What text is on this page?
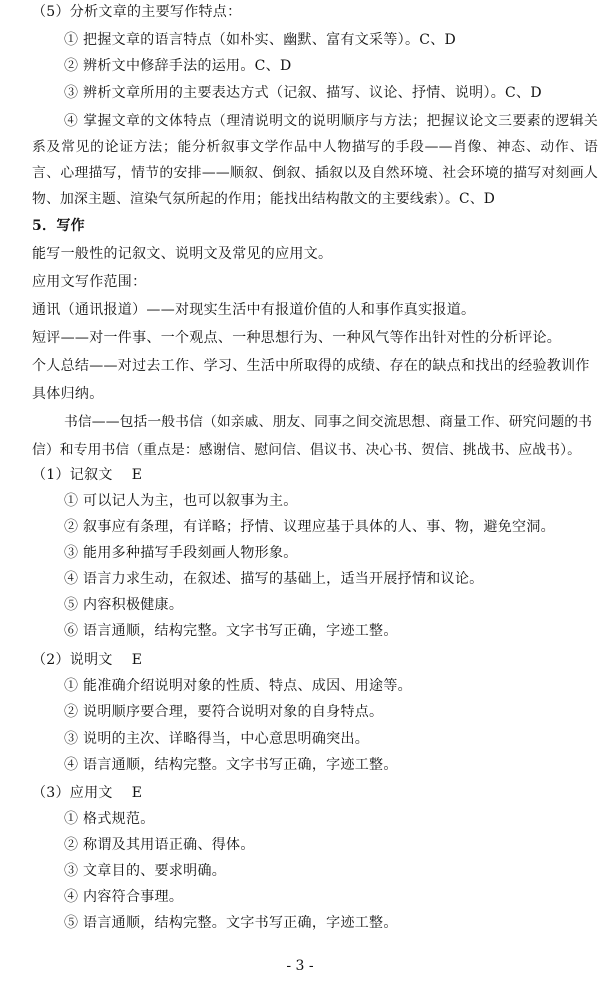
（5）分析文章的主要写作特点：
① 把握文章的语言特点（如朴实、幽默、富有文采等）。C、D
② 辨析文中修辞手法的运用。C、D
③ 辨析文章所用的主要表达方式（记叙、描写、议论、抒情、说明）。C、D
④ 掌握文章的文体特点（理清说明文的说明顺序与方法；把握议论文三要素的逻辑关系及常见的论证方法；能分析叙事文学作品中人物描写的手段——肖像、神态、动作、语言、心理描写，情节的安排——顺叙、倒叙、插叙以及自然环境、社会环境的描写对刻画人物、加深主题、渲染气氛所起的作用；能找出结构散文的主要线索）。C、D
5．写作
能写一般性的记叙文、说明文及常见的应用文。
应用文写作范围：
通讯（通讯报道）——对现实生活中有报道价值的人和事作真实报道。
短评——对一件事、一个观点、一种思想行为、一种风气等作出针对性的分析评论。
个人总结——对过去工作、学习、生活中所取得的成绩、存在的缺点和找出的经验教训作具体归纳。
书信——包括一般书信（如亲戚、朋友、同事之间交流思想、商量工作、研究问题的书信）和专用书信（重点是：感谢信、慰问信、倡议书、决心书、贺信、挑战书、应战书）。
（1）记叙文　 E
① 可以记人为主，也可以叙事为主。
② 叙事应有条理，有详略；抒情、议理应基于具体的人、事、物，避免空洞。
③ 能用多种描写手段刻画人物形象。
④ 语言力求生动，在叙述、描写的基础上，适当开展抒情和议论。
⑤ 内容积极健康。
⑥ 语言通顺，结构完整。文字书写正确，字迹工整。
（2）说明文　 E
① 能准确介绍说明对象的性质、特点、成因、用途等。
② 说明顺序要合理，要符合说明对象的自身特点。
③ 说明的主次、详略得当，中心意思明确突出。
④ 语言通顺，结构完整。文字书写正确，字迹工整。
（3）应用文　 E
① 格式规范。
② 称谓及其用语正确、得体。
③ 文章目的、要求明确。
④ 内容符合事理。
⑤ 语言通顺，结构完整。文字书写正确，字迹工整。
- 3 -
